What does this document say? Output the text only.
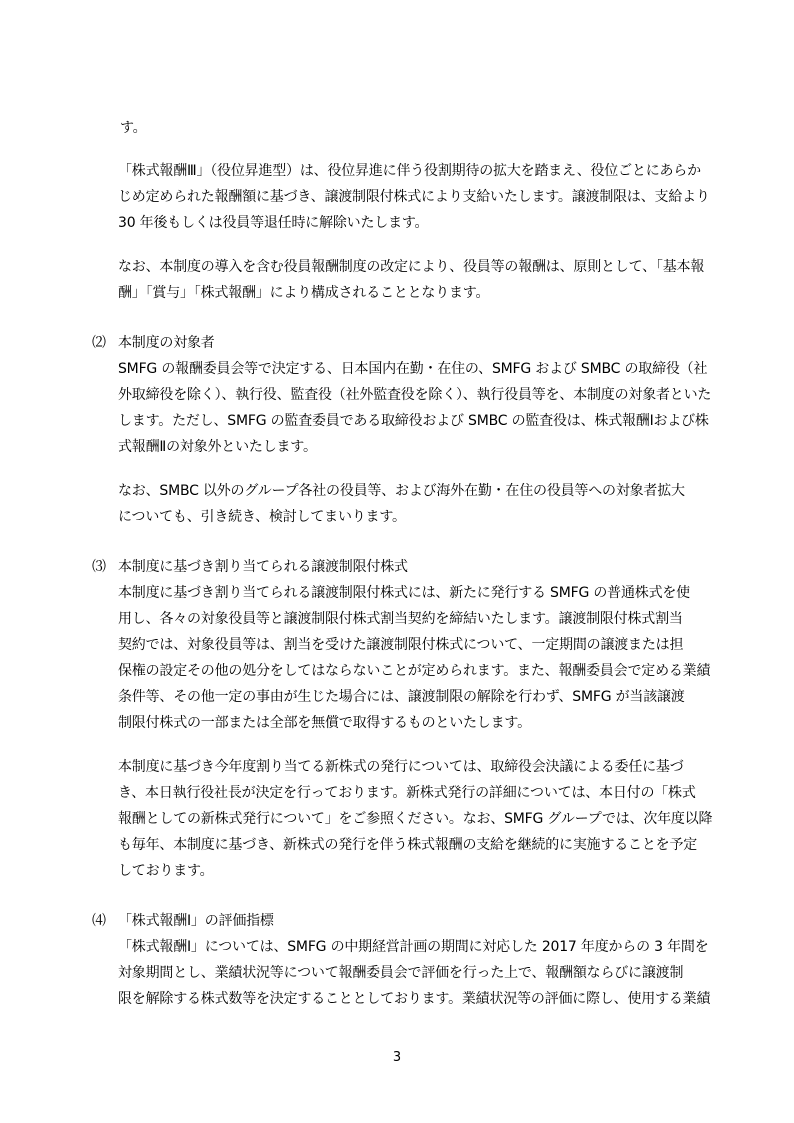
す。
「株式報酬Ⅲ」（役位昇進型）は、役位昇進に伴う役割期待の拡大を踏まえ、役位ごとにあらか
じめ定められた報酬額に基づき、譲渡制限付株式により支給いたします。譲渡制限は、支給より
30 年後もしくは役員等退任時に解除いたします。
なお、本制度の導入を含む役員報酬制度の改定により、役員等の報酬は、原則として、「基本報
酬」「賞与」「株式報酬」により構成されることとなります。
⑵ 本制度の対象者
SMFG の報酬委員会等で決定する、日本国内在勤・在住の、SMFG および SMBC の取締役（社
外取締役を除く）、執行役、監査役（社外監査役を除く）、執行役員等を、本制度の対象者といた
します。ただし、SMFG の監査委員である取締役および SMBC の監査役は、株式報酬Ⅰおよび株
式報酬Ⅱの対象外といたします。
なお、SMBC 以外のグループ各社の役員等、および海外在勤・在住の役員等への対象者拡大
についても、引き続き、検討してまいります。
⑶ 本制度に基づき割り当てられる譲渡制限付株式
本制度に基づき割り当てられる譲渡制限付株式には、新たに発行する SMFG の普通株式を使
用し、各々の対象役員等と譲渡制限付株式割当契約を締結いたします。譲渡制限付株式割当
契約では、対象役員等は、割当を受けた譲渡制限付株式について、一定期間の譲渡または担
保権の設定その他の処分をしてはならないことが定められます。また、報酬委員会で定める業績
条件等、その他一定の事由が生じた場合には、譲渡制限の解除を行わず、SMFG が当該譲渡
制限付株式の一部または全部を無償で取得するものといたします。
本制度に基づき今年度割り当てる新株式の発行については、取締役会決議による委任に基づ
き、本日執行役社長が決定を行っております。新株式発行の詳細については、本日付の「株式
報酬としての新株式発行について」をご参照ください。なお、SMFG グループでは、次年度以降
も毎年、本制度に基づき、新株式の発行を伴う株式報酬の支給を継続的に実施することを予定
しております。
⑷ 「株式報酬Ⅰ」の評価指標
「株式報酬Ⅰ」については、SMFG の中期経営計画の期間に対応した 2017 年度からの 3 年間を
対象期間とし、業績状況等について報酬委員会で評価を行った上で、報酬額ならびに譲渡制
限を解除する株式数等を決定することとしております。業績状況等の評価に際し、使用する業績
3
